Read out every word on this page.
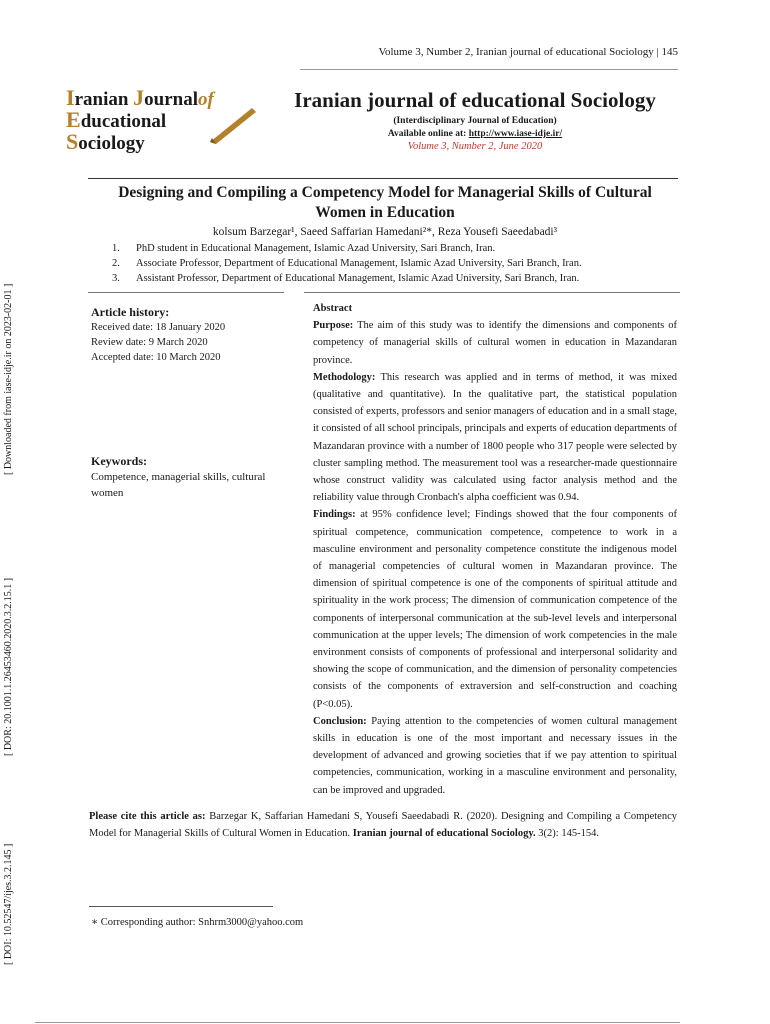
[ Downloaded from iase-idje.ir on 2023-02-01 ]
[ DOR: 20.1001.1.26453460.2020.3.2.15.1 ]
[ DOI: 10.52547/ijes.3.2.145 ]
Volume 3, Number 2, Iranian journal of educational Sociology | 145
Iranian Journalof
Educational
Sociology
Iranian journal of educational Sociology
(Interdisciplinary Journal of Education)
Available online at: http://www.iase-idje.ir/
Volume 3, Number 2, June 2020
Designing and Compiling a Competency Model for Managerial Skills of Cultural Women in Education
kolsum Barzegar¹, Saeed Saffarian Hamedani²*, Reza Yousefi Saeedabadi³
1. PhD student in Educational Management, Islamic Azad University, Sari Branch, Iran.
2. Associate Professor, Department of Educational Management, Islamic Azad University, Sari Branch, Iran.
3. Assistant Professor, Department of Educational Management, Islamic Azad University, Sari Branch, Iran.
Article history:
Received date: 18 January 2020
Review date: 9 March 2020
Accepted date: 10 March 2020
Keywords:
Competence, managerial skills, cultural women
Abstract
Purpose: The aim of this study was to identify the dimensions and components of competency of managerial skills of cultural women in education in Mazandaran province.
Methodology: This research was applied and in terms of method, it was mixed (qualitative and quantitative). In the qualitative part, the statistical population consisted of experts, professors and senior managers of education and in a small stage, it consisted of all school principals, principals and experts of education departments of Mazandaran province with a number of 1800 people who 317 people were selected by cluster sampling method. The measurement tool was a researcher-made questionnaire whose construct validity was calculated using factor analysis method and the reliability value through Cronbach's alpha coefficient was 0.94.
Findings: at 95% confidence level; Findings showed that the four components of spiritual competence, communication competence, competence to work in a masculine environment and personality competence constitute the indigenous model of managerial competencies of cultural women in Mazandaran province. The dimension of spiritual competence is one of the components of spiritual attitude and spirituality in the work process; The dimension of communication competence of the components of interpersonal communication at the sub-level levels and interpersonal communication at the upper levels; The dimension of work competencies in the male environment consists of components of professional and interpersonal solidarity and showing the scope of communication, and the dimension of personality competencies consists of the components of extraversion and self-construction and coaching (P<0.05).
Conclusion: Paying attention to the competencies of women cultural management skills in education is one of the most important and necessary issues in the development of advanced and growing societies that if we pay attention to spiritual competencies, communication, working in a masculine environment and personality, can be improved and upgraded.
Please cite this article as: Barzegar K, Saffarian Hamedani S, Yousefi Saeedabadi R. (2020). Designing and Compiling a Competency Model for Managerial Skills of Cultural Women in Education. Iranian journal of educational Sociology. 3(2): 145-154.
∗ Corresponding author: Snhrm3000@yahoo.com
